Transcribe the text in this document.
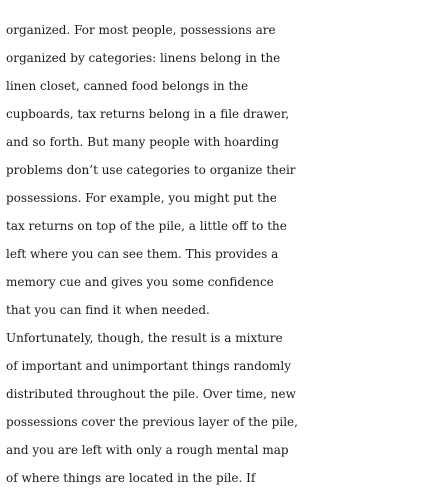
organized. For most people, possessions are
organized by categories: linens belong in the
linen closet, canned food belongs in the
cupboards, tax returns belong in a file drawer,
and so forth. But many people with hoarding
problems don’t use categories to organize their
possessions. For example, you might put the
tax returns on top of the pile, a little off to the
left where you can see them. This provides a
memory cue and gives you some confidence
that you can find it when needed.
Unfortunately, though, the result is a mixture
of important and unimportant things randomly
distributed throughout the pile. Over time, new
possessions cover the previous layer of the pile,
and you are left with only a rough mental map
of where things are located in the pile. If
